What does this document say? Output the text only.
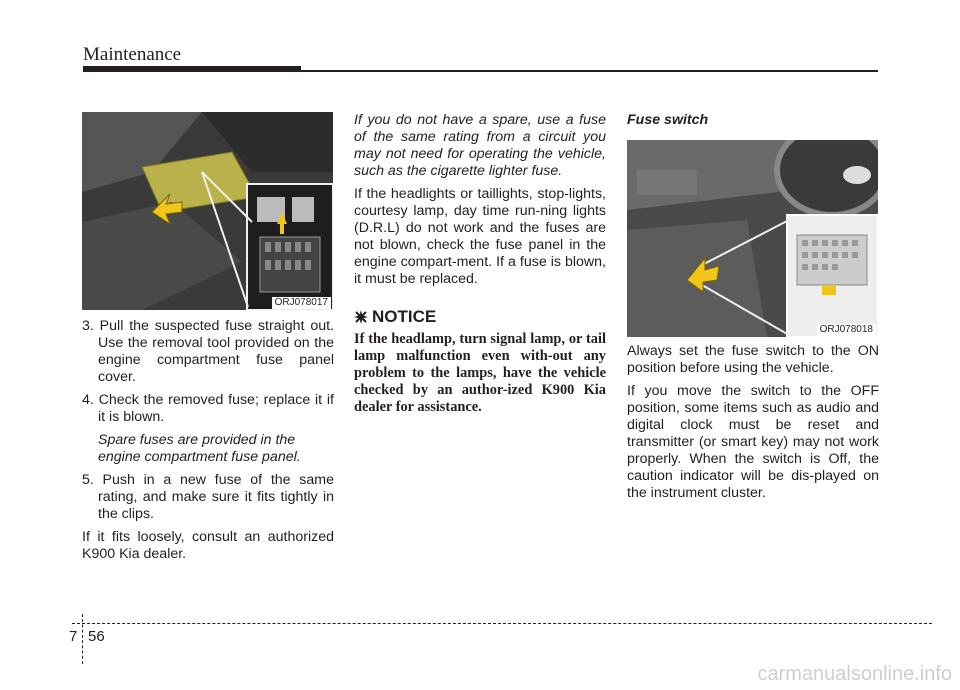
Maintenance
ORJ078017
3. Pull the suspected fuse straight out. Use the removal tool provided on the engine compartment fuse panel cover.
4. Check the removed fuse; replace it if it is blown.
Spare fuses are provided in the engine compartment fuse panel.
5. Push in a new fuse of the same rating, and make sure it fits tightly in the clips.

If it fits loosely, consult an authorized K900 Kia dealer.

If you do not have a spare, use a fuse of the same rating from a circuit you may not need for operating the vehicle, such as the cigarette lighter fuse.

If the headlights or taillights, stop-lights, courtesy lamp, day time run-ning lights (D.R.L) do not work and the fuses are not blown, check the fuse panel in the engine compart-ment. If a fuse is blown, it must be replaced.

NOTICE
If the headlamp, turn signal lamp, or tail lamp malfunction even with-out any problem to the lamps, have the vehicle checked by an author-ized K900 Kia dealer for assistance.
Fuse switch
ORJ078018

Always set the fuse switch to the ON position before using the vehicle.

If you move the switch to the OFF position, some items such as audio and digital clock must be reset and transmitter (or smart key) may not work properly. When the switch is Off, the caution indicator will be dis-played on the instrument cluster.

7 56
carmanualsonline.info
